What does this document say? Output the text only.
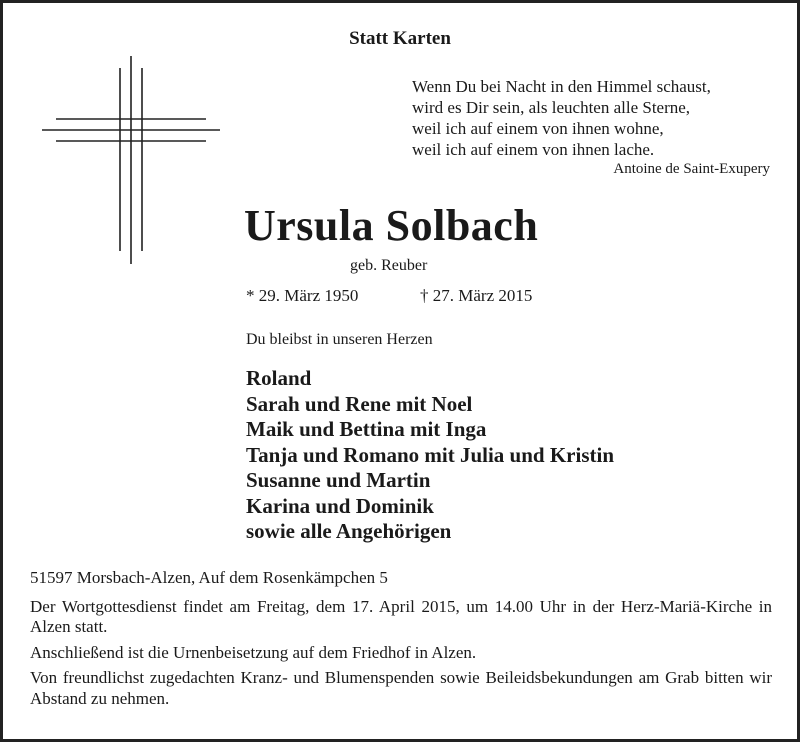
Statt Karten
Wenn Du bei Nacht in den Himmel schaust,
wird es Dir sein, als leuchten alle Sterne,
weil ich auf einem von ihnen wohne,
weil ich auf einem von ihnen lache.
Antoine de Saint-Exupery
Ursula Solbach
geb. Reuber
* 29. März 1950	† 27. März 2015
Du bleibst in unseren Herzen
Roland
Sarah und Rene mit Noel
Maik und Bettina mit Inga
Tanja und Romano mit Julia und Kristin
Susanne und Martin
Karina und Dominik
sowie alle Angehörigen

51597 Morsbach-Alzen, Auf dem Rosenkämpchen 5

Der Wortgottesdienst findet am Freitag, dem 17. April 2015, um 14.00 Uhr in der Herz-Mariä-Kirche in Alzen statt.

Anschließend ist die Urnenbeisetzung auf dem Friedhof in Alzen.

Von freundlichst zugedachten Kranz- und Blumenspenden sowie Beileidsbekundungen am Grab bitten wir Abstand zu nehmen.
